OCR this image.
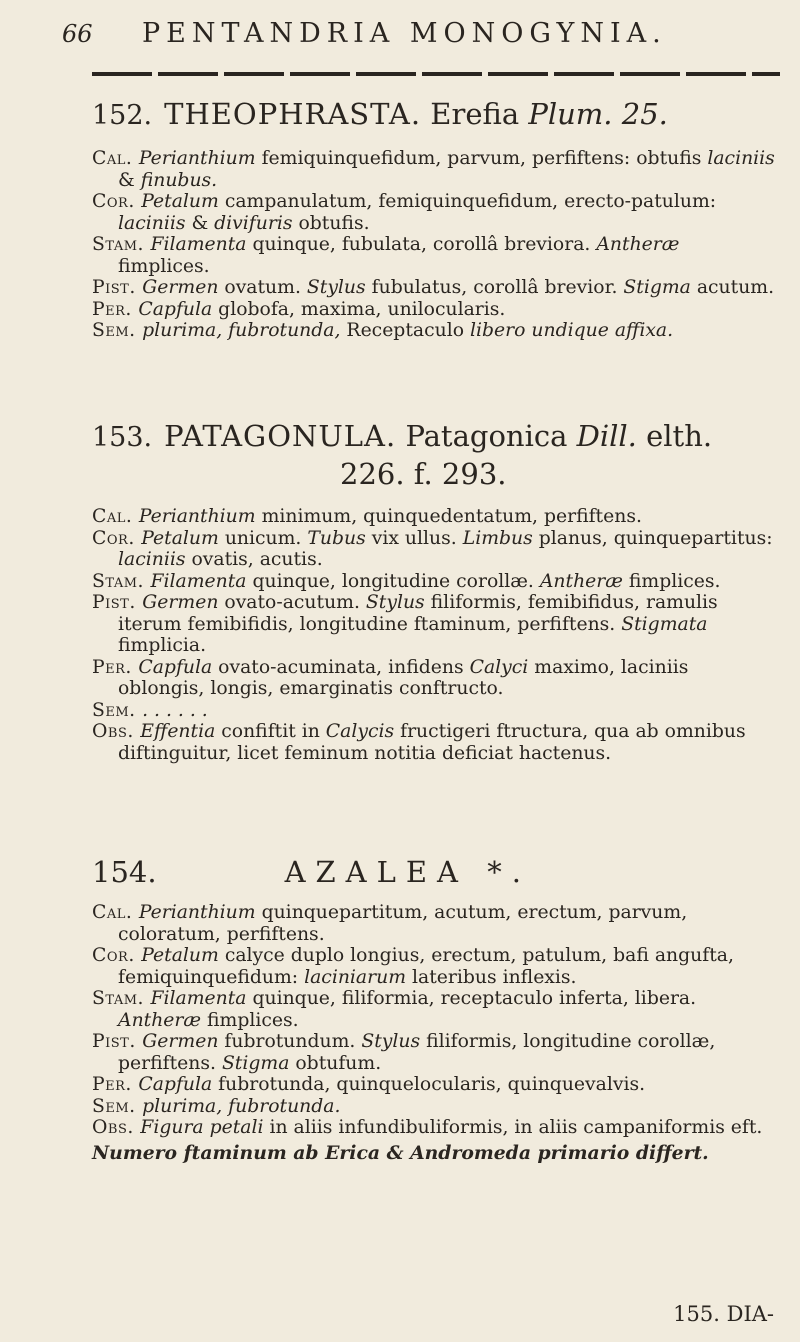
66	PENTANDRIA MONOGYNIA.
152. THEOPHRASTA. Erefia Plum. 25.

Cal. Perianthium femiquinquefidum, parvum, perfiftens: obtufis laciniis & finubus.

Cor. Petalum campanulatum, femiquinquefidum, erecto-patulum: laciniis & divifuris obtufis.

Stam. Filamenta quinque, fubulata, corollâ breviora. Antheræ fimplices.

Pist. Germen ovatum. Stylus fubulatus, corollâ brevior. Stigma acutum.

Per. Capfula globofa, maxima, unilocularis.

Sem. plurima, fubrotunda, Receptaculo libero undique affixa.

153. PATAGONULA. Patagonica Dill. elth.
226. f. 293.

Cal. Perianthium minimum, quinquedentatum, perfiftens.

Cor. Petalum unicum. Tubus vix ullus. Limbus planus, quinquepartitus: laciniis ovatis, acutis.

Stam. Filamenta quinque, longitudine corollæ. Antheræ fimplices.

Pist. Germen ovato-acutum. Stylus filiformis, femibifidus, ramulis iterum femibifidis, longitudine ftaminum, perfiftens. Stigmata fimplicia.

Per. Capfula ovato-acuminata, infidens Calyci maximo, laciniis oblongis, longis, emarginatis conftructo.

Sem. . . . . . .

Obs. Effentia confiftit in Calycis fructigeri ftructura, qua ab omnibus diftinguitur, licet feminum notitia deficiat hactenus.

154.	AZALEA *.

Cal. Perianthium quinquepartitum, acutum, erectum, parvum, coloratum, perfiftens.

Cor. Petalum calyce duplo longius, erectum, patulum, bafi angufta, femiquinquefidum: laciniarum lateribus inflexis.

Stam. Filamenta quinque, filiformia, receptaculo inferta, libera. Antheræ fimplices.

Pist. Germen fubrotundum. Stylus filiformis, longitudine corollæ, perfiftens. Stigma obtufum.

Per. Capfula fubrotunda, quinquelocularis, quinquevalvis.

Sem. plurima, fubrotunda.

Obs. Figura petali in aliis infundibuliformis, in aliis campaniformis eft.

Numero ftaminum ab Erica & Andromeda primario differt.

155. DIA-
